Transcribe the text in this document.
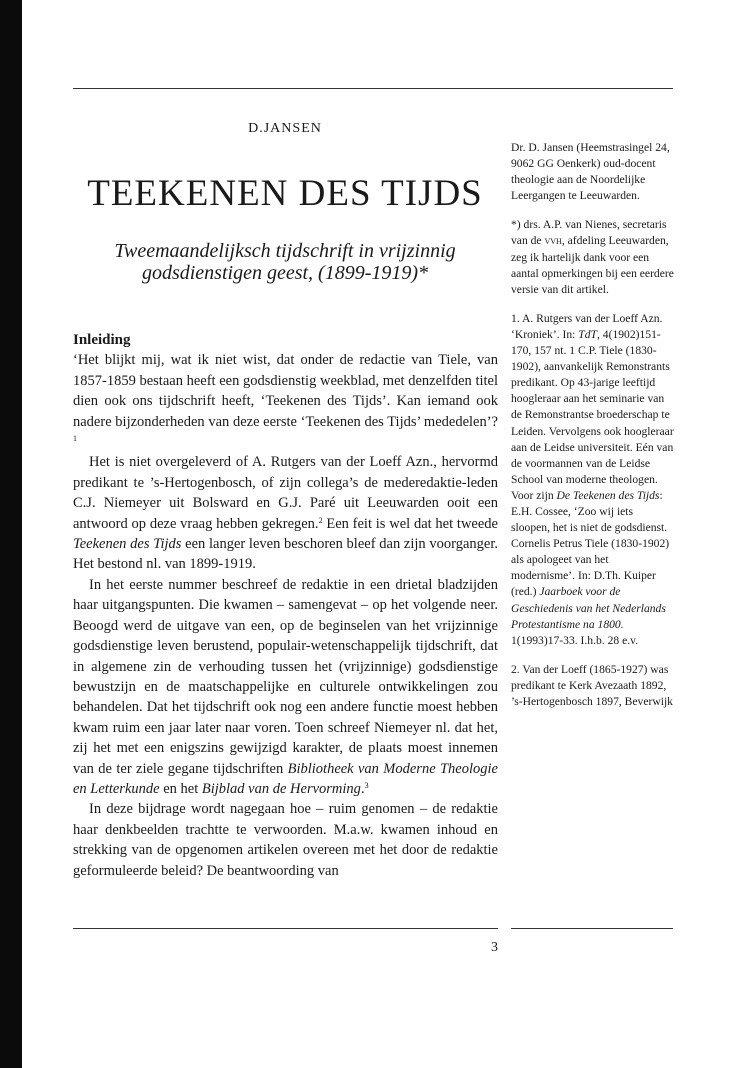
D.JANSEN
TEEKENEN DES TIJDS
Tweemaandelijksch tijdschrift in vrijzinnig godsdienstigen geest, (1899-1919)*

Inleiding

‘Het blijkt mij, wat ik niet wist, dat onder de redactie van Tiele, van 1857-1859 bestaan heeft een godsdienstig weekblad, met denzelfden titel dien ook ons tijdschrift heeft, ‘Teekenen des Tijds’. Kan iemand ook nadere bijzonderheden van deze eerste ‘Teekenen des Tijds’ mededelen’?$^1$

Het is niet overgeleverd of A. Rutgers van der Loeff Azn., hervormd predikant te ’s-Hertogenbosch, of zijn collega’s de mederedaktie-leden C.J. Niemeyer uit Bolsward en G.J. Paré uit Leeuwarden ooit een antwoord op deze vraag hebben gekregen.$^2$ Een feit is wel dat het tweede Teekenen des Tijds een langer leven beschoren bleef dan zijn voorganger. Het bestond nl. van 1899-1919.

In het eerste nummer beschreef de redaktie in een drietal bladzijden haar uitgangspunten. Die kwamen – samengevat – op het volgende neer. Beoogd werd de uitgave van een, op de beginselen van het vrijzinnige godsdienstige leven berustend, populair-wetenschappelijk tijdschrift, dat in algemene zin de verhouding tussen het (vrijzinnige) godsdienstige bewustzijn en de maatschappelijke en culturele ontwikkelingen zou behandelen. Dat het tijdschrift ook nog een andere functie moest hebben kwam ruim een jaar later naar voren. Toen schreef Niemeyer nl. dat het, zij het met een enigszins gewijzigd karakter, de plaats moest innemen van de ter ziele gegane tijdschriften Bibliotheek van Moderne Theologie en Letterkunde en het Bijblad van de Hervorming.$^3$

In deze bijdrage wordt nagegaan hoe – ruim genomen – de redaktie haar denkbeelden trachtte te verwoorden. M.a.w. kwamen inhoud en strekking van de opgenomen artikelen overeen met het door de redaktie geformuleerde beleid? De beantwoording van

Dr. D. Jansen (Heemstrasingel 24, 9062 GG Oenkerk) oud-docent theologie aan de Noordelijke Leergangen te Leeuwarden.

*) drs. A.P. van Nienes, secretaris van de vvh, afdeling Leeuwarden, zeg ik hartelijk dank voor een aantal opmerkingen bij een eerdere versie van dit artikel.

1. A. Rutgers van der Loeff Azn. ‘Kroniek’. In: TdT, 4(1902)151-170, 157 nt. 1 C.P. Tiele (1830-1902), aanvankelijk Remonstrants predikant. Op 43-jarige leeftijd hoogleraar aan het seminarie van de Remonstrantse broederschap te Leiden. Vervolgens ook hoogleraar aan de Leidse universiteit. Eén van de voormannen van de Leidse School van moderne theologen. Voor zijn De Teekenen des Tijds: E.H. Cossee, ‘Zoo wij iets sloopen, het is niet de godsdienst. Cornelis Petrus Tiele (1830-1902) als apologeet van het modernisme’. In: D.Th. Kuiper (red.) Jaarboek voor de Geschiedenis van het Nederlands Protestantisme na 1800. 1(1993)17-33. I.h.b. 28 e.v.

2. Van der Loeff (1865-1927) was predikant te Kerk Avezaath 1892, ’s-Hertogenbosch 1897, Beverwijk

3
